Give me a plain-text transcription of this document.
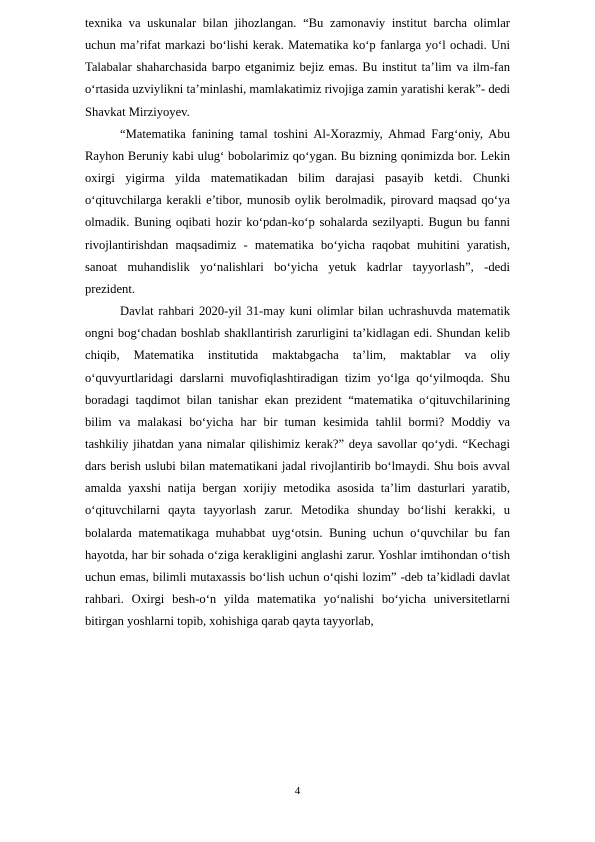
texnika va uskunalar bilan jihozlangan. “Bu zamonaviy institut barcha olimlar uchun ma’rifat markazi bo‘lishi kerak. Matematika ko‘p fanlarga yo‘l ochadi. Uni Talabalar shaharchasida barpo etganimiz bejiz emas. Bu institut ta’lim va ilm-fan o‘rtasida uzviylikni ta’minlashi, mamlakatimiz rivojiga zamin yaratishi kerak”- dedi Shavkat Mirziyoyev.

“Matematika fanining tamal toshini Al-Xorazmiy, Ahmad Farg‘oniy, Abu Rayhon Beruniy kabi ulug‘ bobolarimiz qo‘ygan. Bu bizning qonimizda bor. Lekin oxirgi yigirma yilda matematikadan bilim darajasi pasayib ketdi. Chunki o‘qituvchilarga kerakli e’tibor, munosib oylik berolmadik, pirovard maqsad qo‘ya olmadik. Buning oqibati hozir ko‘pdan-ko‘p sohalarda sezilyapti. Bugun bu fanni rivojlantirishdan maqsadimiz - matematika bo‘yicha raqobat muhitini yaratish, sanoat muhandislik yo‘nalishlari bo‘yicha yetuk kadrlar tayyorlash”, -dedi prezident.

Davlat rahbari 2020-yil 31-may kuni olimlar bilan uchrashuvda matematik ongni bog‘chadan boshlab shakllantirish zarurligini ta’kidlagan edi. Shundan kelib chiqib, Matematika institutida maktabgacha ta’lim, maktablar va oliy o‘quvyurtlaridagi darslarni muvofiqlashtiradigan tizim yo‘lga qo‘yilmoqda. Shu boradagi taqdimot bilan tanishar ekan prezident “matematika o‘qituvchilarining bilim va malakasi bo‘yicha har bir tuman kesimida tahlil bormi? Moddiy va tashkiliy jihatdan yana nimalar qilishimiz kerak?” deya savollar qo‘ydi. “Kechagi dars berish uslubi bilan matematikani jadal rivojlantirib bo‘lmaydi. Shu bois avval amalda yaxshi natija bergan xorijiy metodika asosida ta’lim dasturlari yaratib, o‘qituvchilarni qayta tayyorlash zarur. Metodika shunday bo‘lishi kerakki, u bolalarda matematikaga muhabbat uyg‘otsin. Buning uchun o‘quvchilar bu fan hayotda, har bir sohada o‘ziga kerakligini anglashi zarur. Yoshlar imtihondan o‘tish uchun emas, bilimli mutaxassis bo‘lish uchun o‘qishi lozim” -deb ta’kidladi davlat rahbari. Oxirgi besh-o‘n yilda matematika yo‘nalishi bo‘yicha universitetlarni bitirgan yoshlarni topib, xohishiga qarab qayta tayyorlab,

4
